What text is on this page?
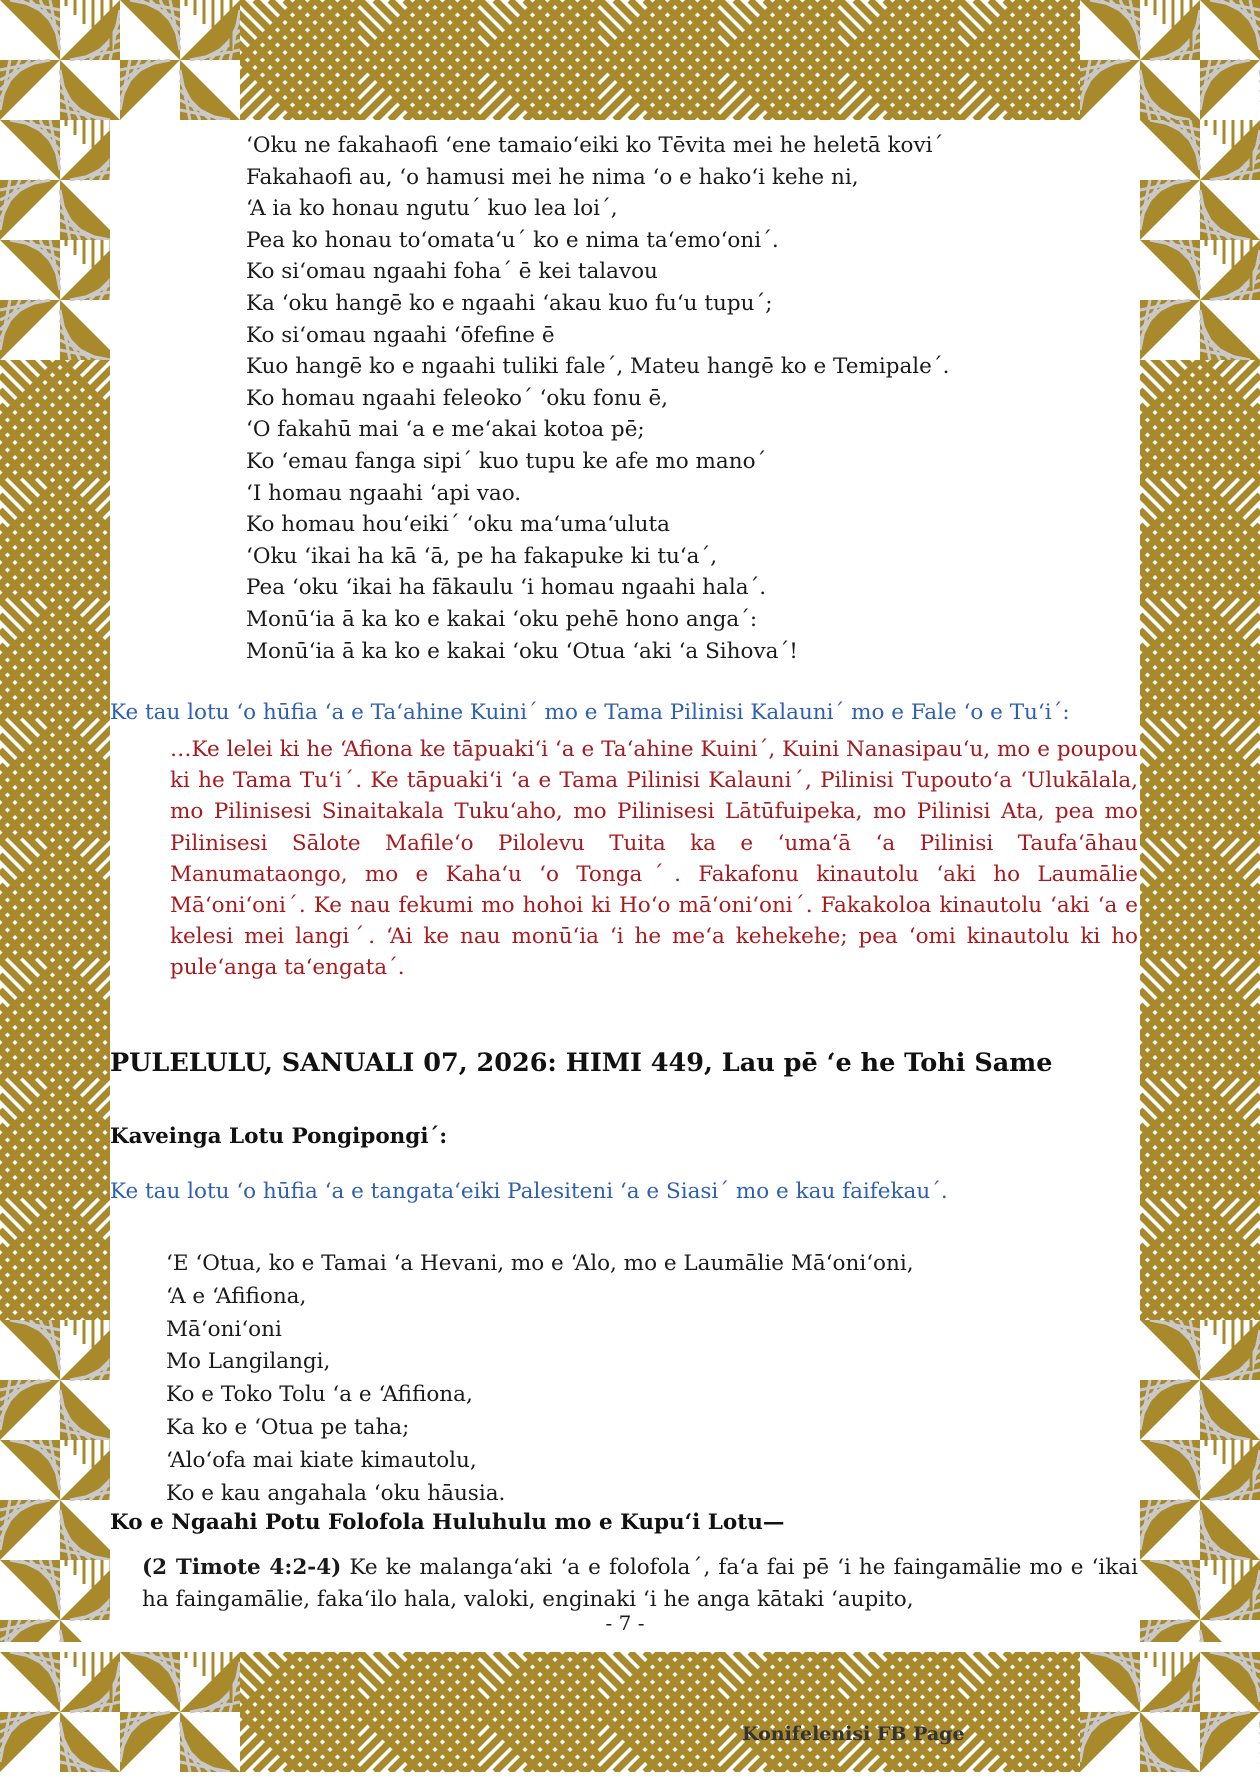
ʻOku ne fakahaofi ʻene tamaioʻeiki ko Tēvita mei he heletā koviˊ
Fakahaofi au, ʻo hamusi mei he nima ʻo e hakoʻi kehe ni,
ʻA ia ko honau ngutuˊ kuo lea loiˊ,
Pea ko honau toʻomataʻuˊ ko e nima taʻemoʻoniˊ.
Ko siʻomau ngaahi fohaˊ ē kei talavou
Ka ʻoku hangē ko e ngaahi ʻakau kuo fuʻu tupuˊ;
Ko siʻomau ngaahi ʻōfefine ē
Kuo hangē ko e ngaahi tuliki faleˊ, Mateu hangē ko e Temipaleˊ.
Ko homau ngaahi feleokoˊ ʻoku fonu ē,
ʻO fakahū mai ʻa e meʻakai kotoa pē;
Ko ʻemau fanga sipiˊ kuo tupu ke afe mo manoˊ
ʻI homau ngaahi ʻapi vao.
Ko homau houʻeikiˊ ʻoku maʻumaʻuluta
ʻOku ʻikai ha kā ʻā, pe ha fakapuke ki tuʻaˊ,
Pea ʻoku ʻikai ha fākaulu ʻi homau ngaahi halaˊ.
Monūʻia ā ka ko e kakai ʻoku pehē hono angaˊ:
Monūʻia ā ka ko e kakai ʻoku ʻOtua ʻaki ʻa Sihovaˊ!
Ke tau lotu ʻo hūfia ʻa e Taʻahine Kuiniˊ mo e Tama Pilinisi Kalauniˊ mo e Fale ʻo e Tuʻiˊ:
…Ke lelei ki he ʻAfiona ke tāpuakiʻi ʻa e Taʻahine Kuiniˊ, Kuini Nanasipauʻu, mo e poupou ki he Tama Tuʻiˊ. Ke tāpuakiʻi ʻa e Tama Pilinisi Kalauniˊ, Pilinisi Tupoutoʻa ʻUlukālala, mo Pilinisesi Sinaitakala Tukuʻaho, mo Pilinisesi Lātūfuipeka, mo Pilinisi Ata, pea mo Pilinisesi Sālote Mafileʻo Pilolevu Tuita ka e ʻumaʻā ʻa Pilinisi Taufaʻāhau Manumataongo, mo e Kahaʻu ʻo Tongaˊ. Fakafonu kinautolu ʻaki ho Laumālie Māʻoniʻoniˊ. Ke nau fekumi mo hohoi ki Hoʻo māʻoniʻoniˊ. Fakakoloa kinautolu ʻaki ʻa e kelesi mei langiˊ. ʻAi ke nau monūʻia ʻi he meʻa kehekehe; pea ʻomi kinautolu ki ho puleʻanga taʻengataˊ.
PULELULU, SANUALI 07, 2026: HIMI 449, Lau pē ʻe he Tohi Same
Kaveinga Lotu Pongipongiˊ:
Ke tau lotu ʻo hūfia ʻa e tangataʻeiki Palesiteni ʻa e Siasiˊ mo e kau faifekauˊ.
ʻE ʻOtua, ko e Tamai ʻa Hevani, mo e ʻAlo, mo e Laumālie Māʻoniʻoni,
ʻA e ʻAfifiona,
Māʻoniʻoni
Mo Langilangi,
Ko e Toko Tolu ʻa e ʻAfifiona,
Ka ko e ʻOtua pe taha;
ʻAloʻofa mai kiate kimautolu,
Ko e kau angahala ʻoku hāusia.
Ko e Ngaahi Potu Folofola Huluhulu mo e Kupuʻi Lotu—
(2 Timote 4:2-4) Ke ke malangaʻaki ʻa e folofolaˊ, faʻa fai pē ʻi he faingamālie mo e ʻikai ha faingamālie, fakaʻilo hala, valoki, enginaki ʻi he anga kātaki ʻaupito,
- 7 -
Konifelenisi FB Page
